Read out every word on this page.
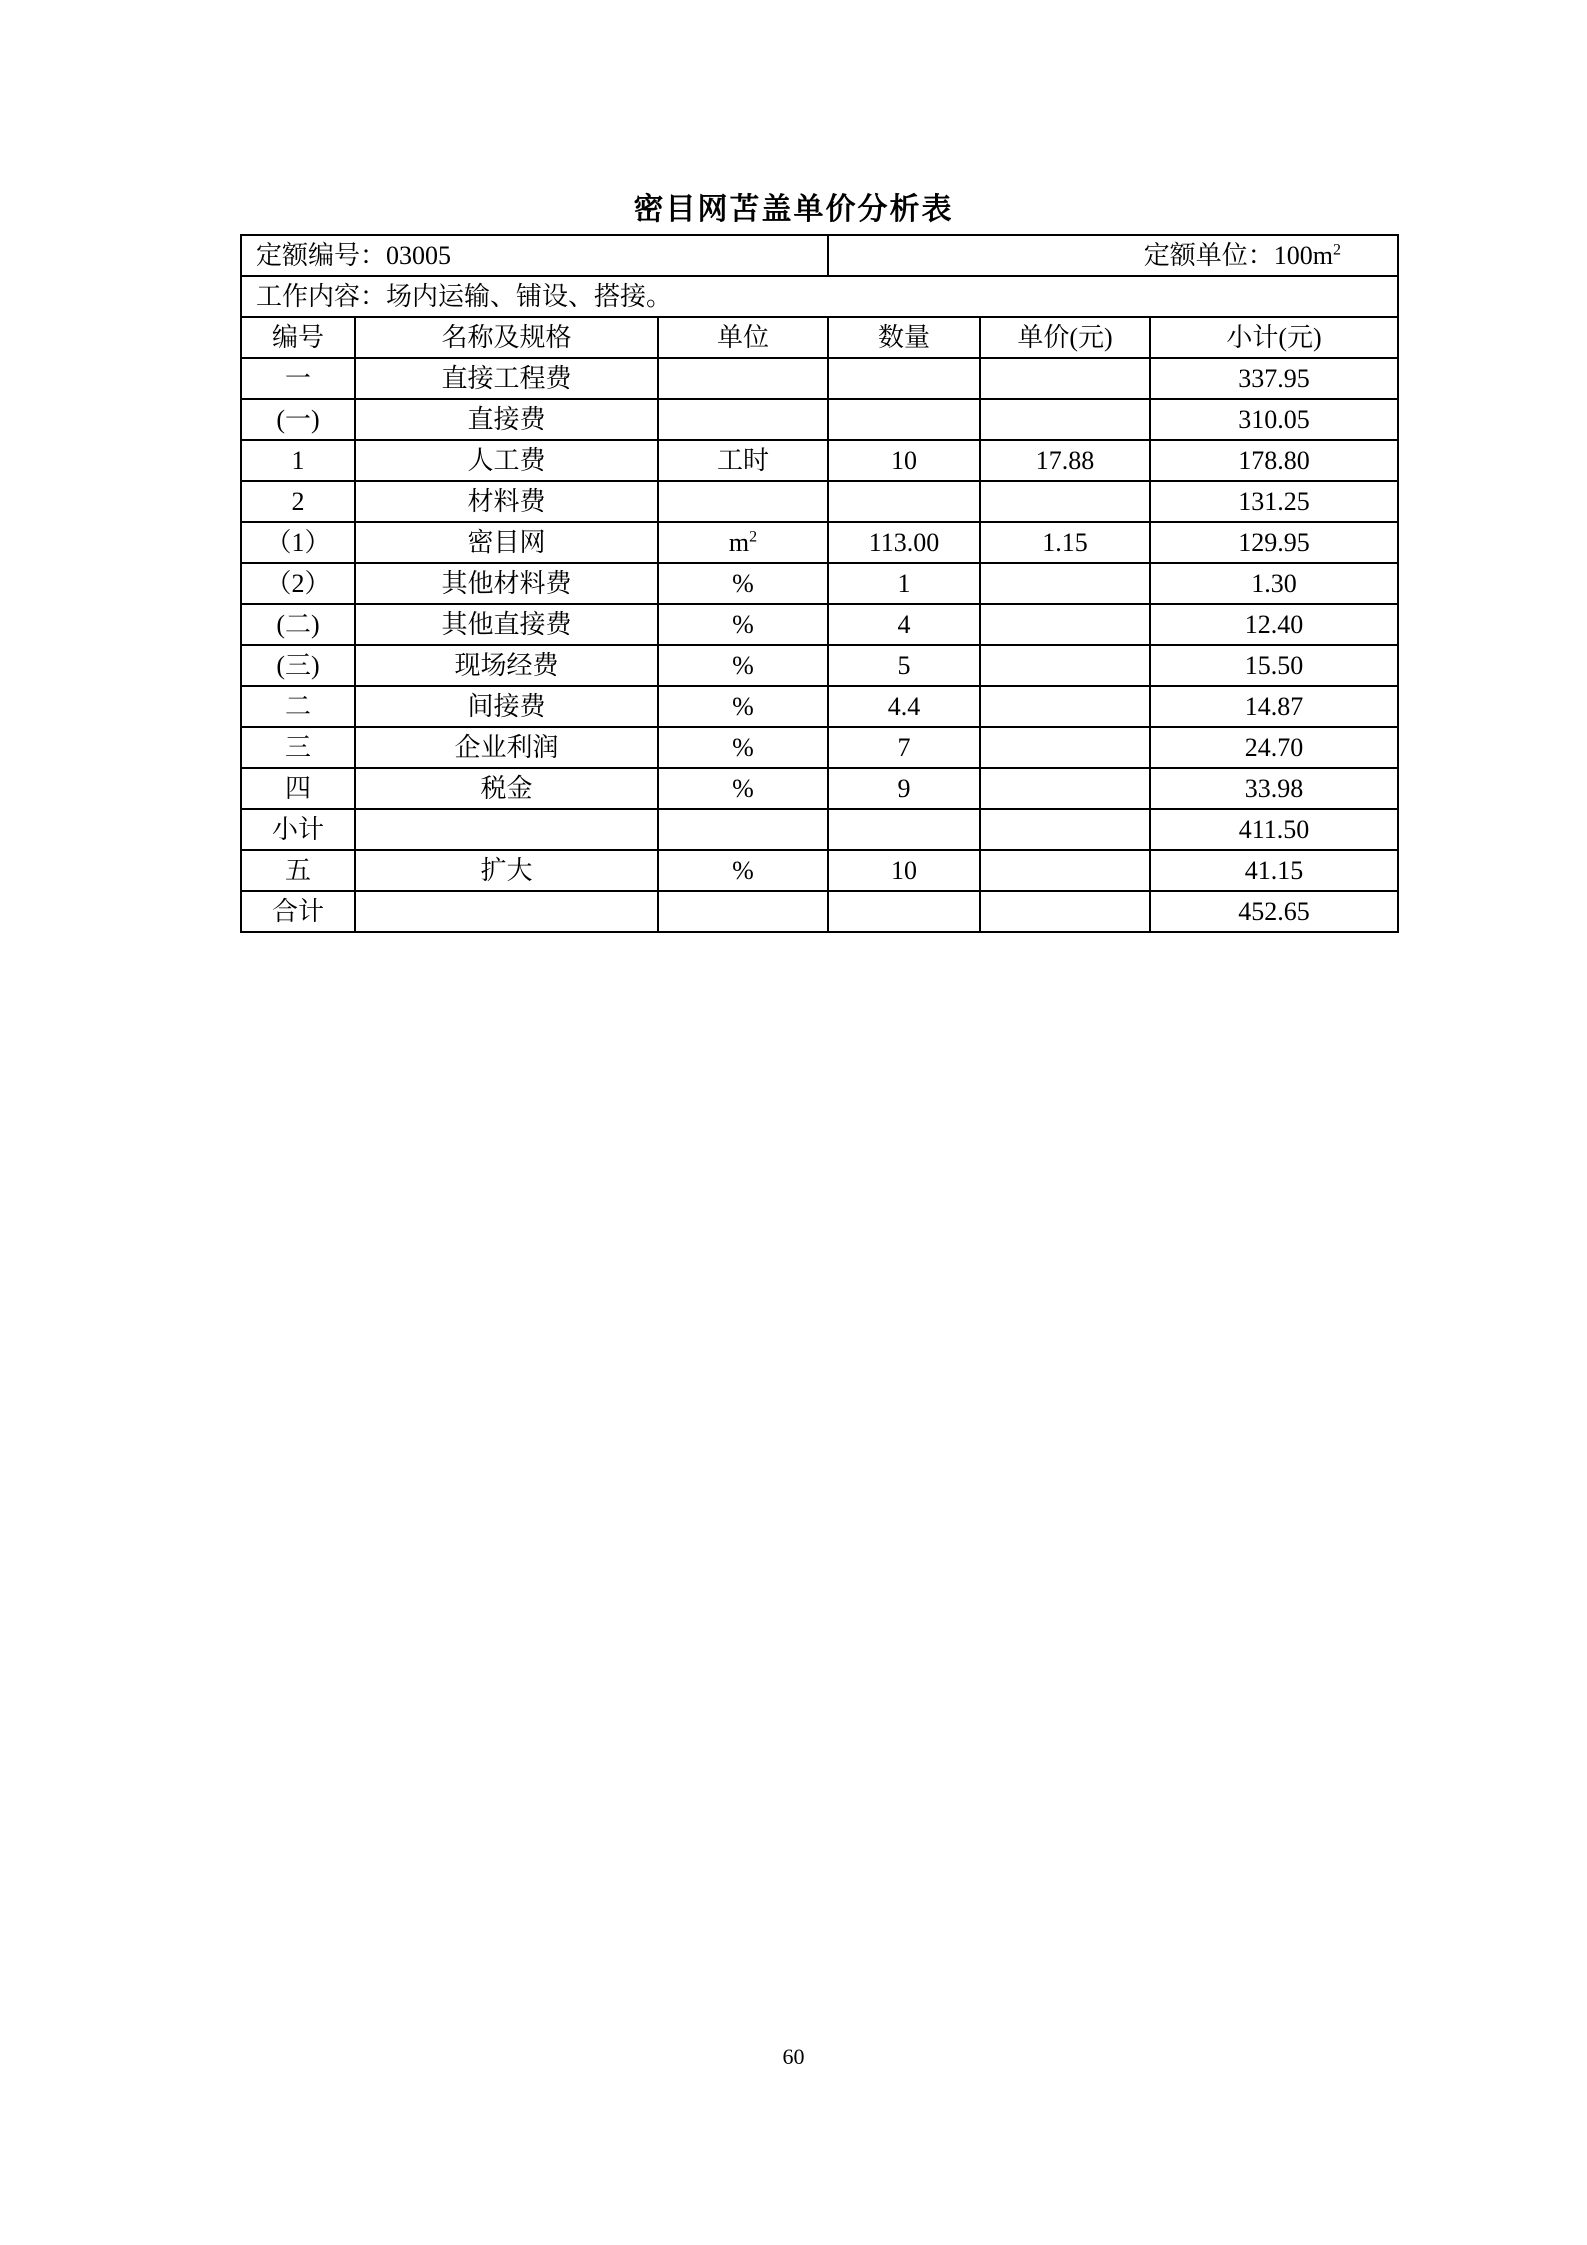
密目网苫盖单价分析表
定额编号：03005			定额单位：$100m^2$
工作内容：场内运输、铺设、搭接。					
编号	名称及规格	单位	数量	单价(元)	小计(元)
一	直接工程费				337.95
(一)	直接费				310.05
1	人工费	工时	10	17.88	178.80
2	材料费				131.25
（1）	密目网	$m^2$	113.00	1.15	129.95
（2）	其他材料费	%	1		1.30
(二)	其他直接费	%	4		12.40
(三)	现场经费	%	5		15.50
二	间接费	%	4.4		14.87
三	企业利润	%	7		24.70
四	税金	%	9		33.98
小计					411.50
五	扩大	%	10		41.15
合计					452.65
60
